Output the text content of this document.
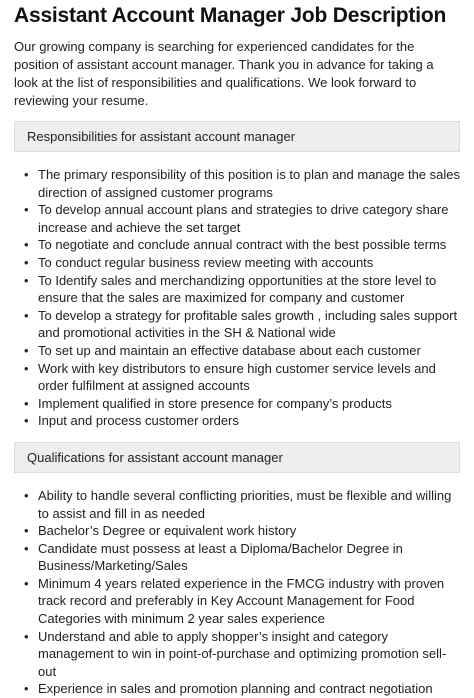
Assistant Account Manager Job Description

Our growing company is searching for experienced candidates for the position of assistant account manager. Thank you in advance for taking a look at the list of responsibilities and qualifications. We look forward to reviewing your resume.

Responsibilities for assistant account manager
• The primary responsibility of this position is to plan and manage the sales direction of assigned customer programs
• To develop annual account plans and strategies to drive category share increase and achieve the set target
• To negotiate and conclude annual contract with the best possible terms
• To conduct regular business review meeting with accounts
• To Identify sales and merchandizing opportunities at the store level to ensure that the sales are maximized for company and customer
• To develop a strategy for profitable sales growth , including sales support and promotional activities in the SH & National wide
• To set up and maintain an effective database about each customer
• Work with key distributors to ensure high customer service levels and order fulfilment at assigned accounts
• Implement qualified in store presence for company’s products
• Input and process customer orders
Qualifications for assistant account manager
• Ability to handle several conflicting priorities, must be flexible and willing to assist and fill in as needed
• Bachelor’s Degree or equivalent work history
• Candidate must possess at least a Diploma/Bachelor Degree in Business/Marketing/Sales
• Minimum 4 years related experience in the FMCG industry with proven track record and preferably in Key Account Management for Food Categories with minimum 2 year sales experience
• Understand and able to apply shopper’s insight and category management to win in point-of-purchase and optimizing promotion sell-out
• Experience in sales and promotion planning and contract negotiation
